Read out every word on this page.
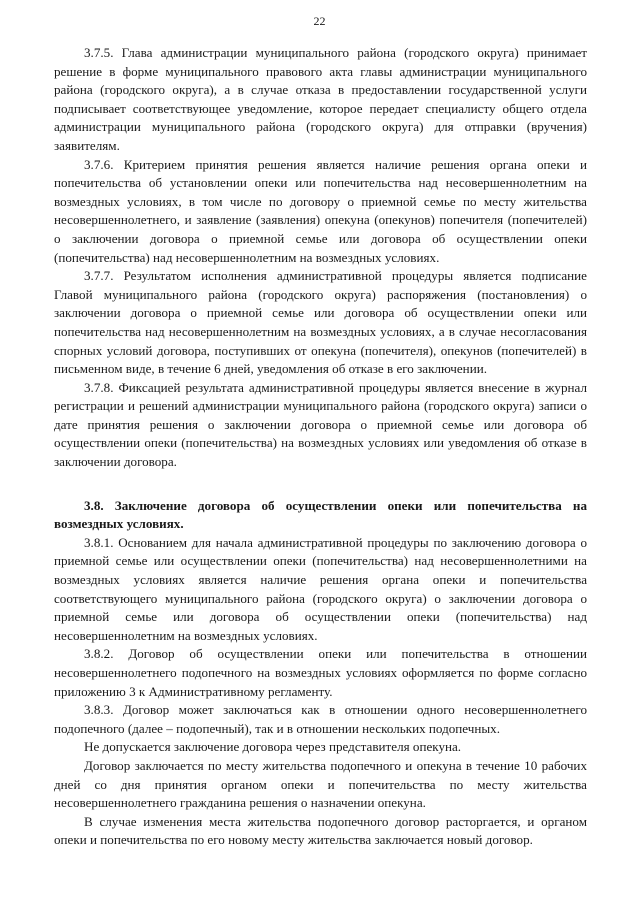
22

3.7.5. Глава администрации муниципального района (городского округа) принимает решение в форме муниципального правового акта главы администрации муниципального района (городского округа), а в случае отказа в предоставлении государственной услуги подписывает соответствующее уведомление, которое передает специалисту общего отдела администрации муниципального района (городского округа) для отправки (вручения) заявителям.

3.7.6. Критерием принятия решения является наличие решения органа опеки и попечительства об установлении опеки или попечительства над несовершеннолетним на возмездных условиях, в том числе по договору о приемной семье по месту жительства несовершеннолетнего, и заявление (заявления) опекуна (опекунов) попечителя (попечителей) о заключении договора о приемной семье или договора об осуществлении опеки (попечительства) над несовершеннолетним на возмездных условиях.

3.7.7. Результатом исполнения административной процедуры является подписание Главой муниципального района (городского округа) распоряжения (постановления) о заключении договора о приемной семье или договора об осуществлении опеки или попечительства над несовершеннолетним на возмездных условиях, а в случае несогласования спорных условий договора, поступивших от опекуна (попечителя), опекунов (попечителей) в письменном виде, в течение 6 дней, уведомления об отказе в его заключении.

3.7.8. Фиксацией результата административной процедуры является внесение в журнал регистрации и решений администрации муниципального района (городского округа) записи о дате принятия решения о заключении договора о приемной семье или договора об осуществлении опеки (попечительства) на возмездных условиях или уведомления об отказе в заключении договора.

3.8. Заключение договора об осуществлении опеки или попечительства на возмездных условиях.

3.8.1. Основанием для начала административной процедуры по заключению договора о приемной семье или осуществлении опеки (попечительства) над несовершеннолетними на возмездных условиях является наличие решения органа опеки и попечительства соответствующего муниципального района (городского округа) о заключении договора о приемной семье или договора об осуществлении опеки (попечительства) над несовершеннолетним на возмездных условиях.

3.8.2. Договор об осуществлении опеки или попечительства в отношении несовершеннолетнего подопечного на возмездных условиях оформляется по форме согласно приложению 3 к Административному регламенту.

3.8.3. Договор может заключаться как в отношении одного несовершеннолетнего подопечного (далее – подопечный), так и в отношении нескольких подопечных.

Не допускается заключение договора через представителя опекуна.

Договор заключается по месту жительства подопечного и опекуна в течение 10 рабочих дней со дня принятия органом опеки и попечительства по месту жительства несовершеннолетнего гражданина решения о назначении опекуна.

В случае изменения места жительства подопечного договор расторгается, и органом опеки и попечительства по его новому месту жительства заключается новый договор.
